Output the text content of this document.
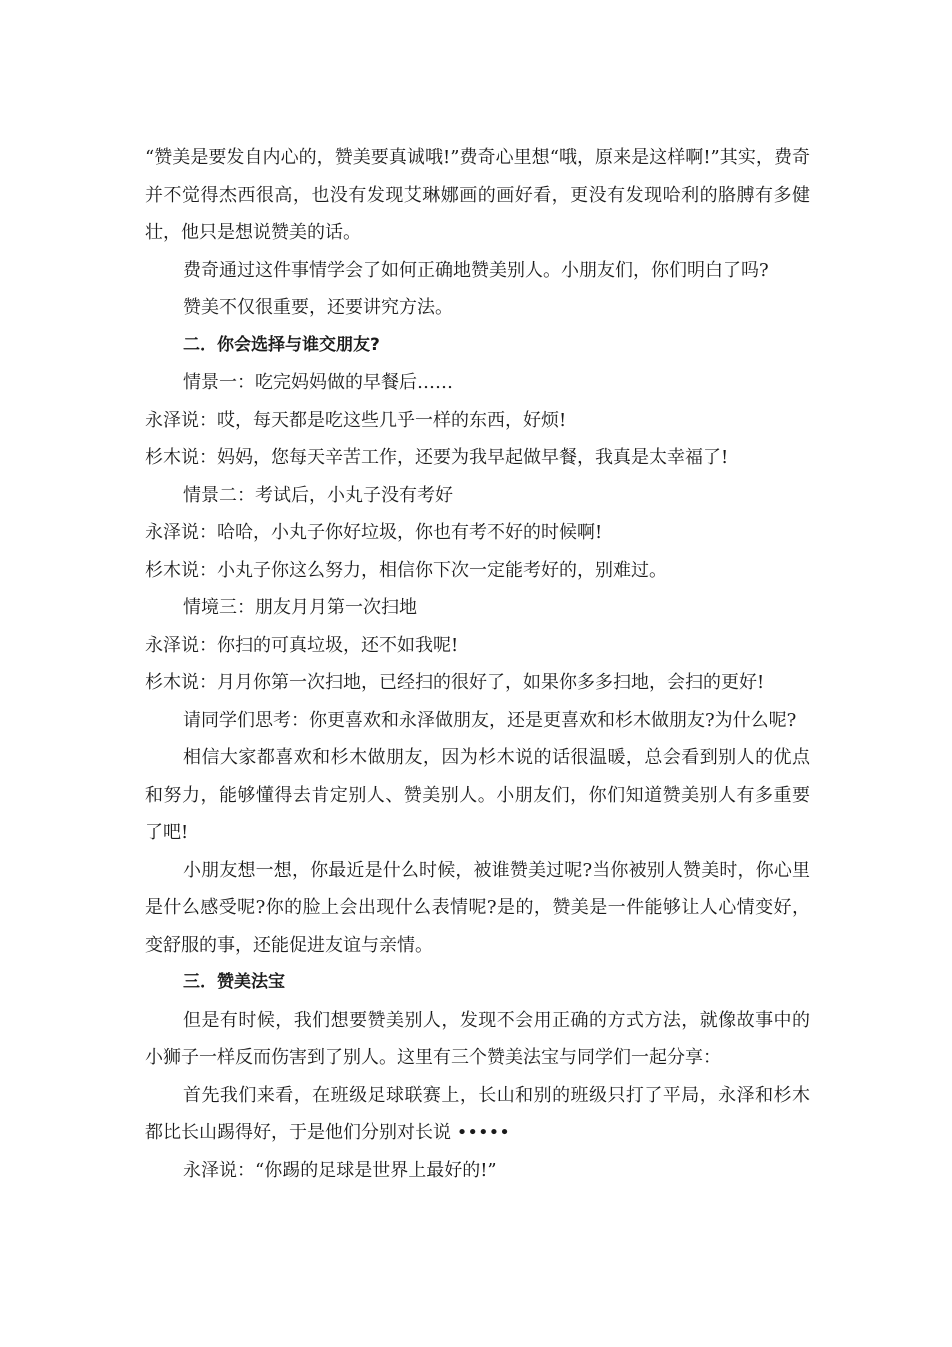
“赞美是要发自内心的，赞美要真诚哦!”费奇心里想“哦，原来是这样啊!”其实，费奇并不觉得杰西很高，也没有发现艾琳娜画的画好看，更没有发现哈利的胳膊有多健壮，他只是想说赞美的话。

费奇通过这件事情学会了如何正确地赞美别人。小朋友们，你们明白了吗?

赞美不仅很重要，还要讲究方法。

二．你会选择与谁交朋友?

情景一：吃完妈妈做的早餐后……

永泽说：哎，每天都是吃这些几乎一样的东西，好烦!

杉木说：妈妈，您每天辛苦工作，还要为我早起做早餐，我真是太幸福了!

情景二：考试后，小丸子没有考好

永泽说：哈哈，小丸子你好垃圾，你也有考不好的时候啊!

杉木说：小丸子你这么努力，相信你下次一定能考好的，别难过。

情境三：朋友月月第一次扫地

永泽说：你扫的可真垃圾，还不如我呢!

杉木说：月月你第一次扫地，已经扫的很好了，如果你多多扫地，会扫的更好!

请同学们思考：你更喜欢和永泽做朋友，还是更喜欢和杉木做朋友?为什么呢?

相信大家都喜欢和杉木做朋友，因为杉木说的话很温暖，总会看到别人的优点和努力，能够懂得去肯定别人、赞美别人。小朋友们，你们知道赞美别人有多重要了吧!

小朋友想一想，你最近是什么时候，被谁赞美过呢?当你被别人赞美时，你心里是什么感受呢?你的脸上会出现什么表情呢?是的，赞美是一件能够让人心情变好，变舒服的事，还能促进友谊与亲情。

三．赞美法宝

但是有时候，我们想要赞美别人，发现不会用正确的方式方法，就像故事中的小狮子一样反而伤害到了别人。这里有三个赞美法宝与同学们一起分享：

首先我们来看，在班级足球联赛上，长山和别的班级只打了平局，永泽和杉木都比长山踢得好，于是他们分别对长说 •••••

永泽说：“你踢的足球是世界上最好的!”
